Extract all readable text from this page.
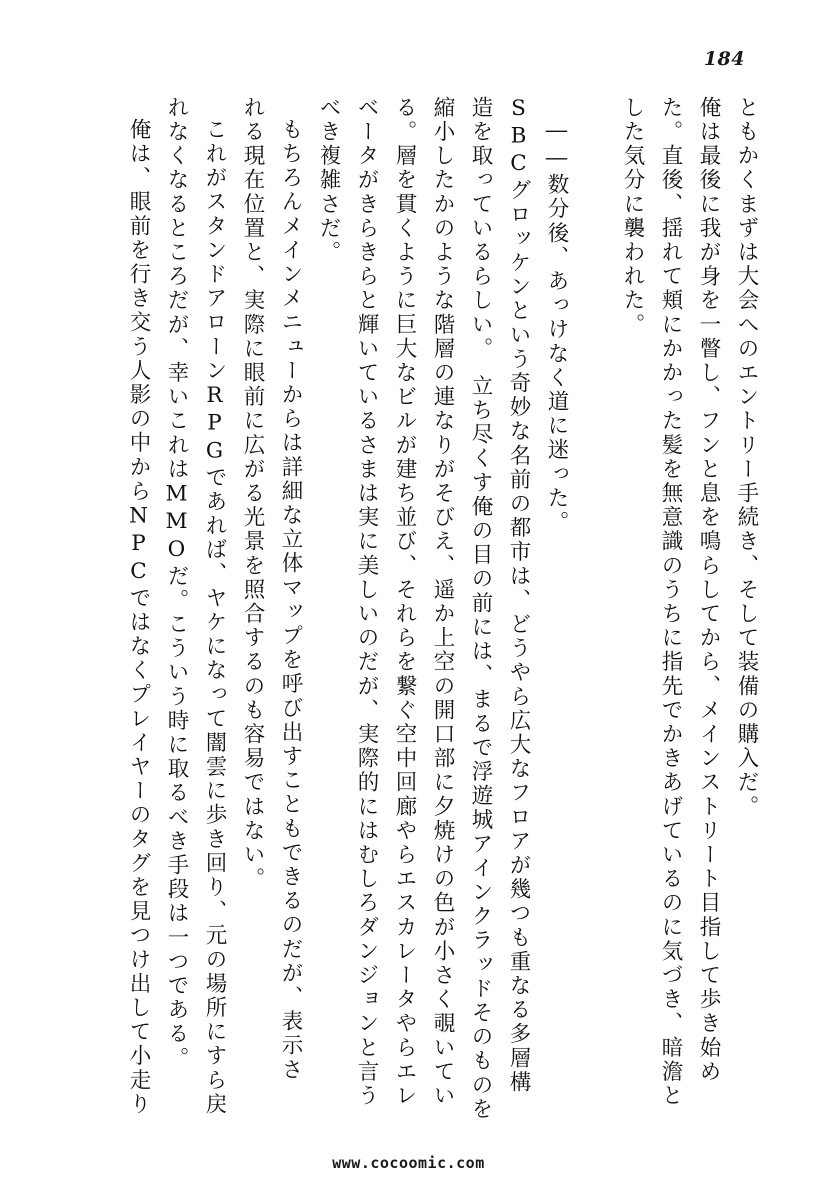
184
ともかくまずは大会へのエントリー手続き、そして装備の購入だ。
俺は最後に我が身を一瞥し、フンと息を鳴らしてから、メインストリート目指して歩き始め
た。直後、揺れて頬にかかった髪を無意識のうちに指先でかきあげているのに気づき、暗澹と
した気分に襲われた。
――数分後、あっけなく道に迷った。
SBCグロッケンという奇妙な名前の都市は、どうやら広大なフロアが幾つも重なる多層構
造を取っているらしい。　立ち尽くす俺の目の前には、まるで浮遊城アインクラッドそのものを
縮小したかのような階層の連なりがそびえ、遥か上空の開口部に夕焼けの色が小さく覗いてい
る。層を貫くように巨大なビルが建ち並び、それらを繋ぐ空中回廊やらエスカレータやらエレ
ベータがきらきらと輝いているさまは実に美しいのだが、実際的にはむしろダンジョンと言う
べき複雑さだ。
もちろんメインメニューからは詳細な立体マップを呼び出すこともできるのだが、表示さ
れる現在位置と、実際に眼前に広がる光景を照合するのも容易ではない。
これがスタンドアローンRPGであれば、ヤケになって闇雲に歩き回り、元の場所にすら戻
れなくなるところだが、幸いこれはMMOだ。こういう時に取るべき手段は一つである。
俺は、眼前を行き交う人影の中からNPCではなくプレイヤーのタグを見つけ出して小走り
www.cocoomic.com
